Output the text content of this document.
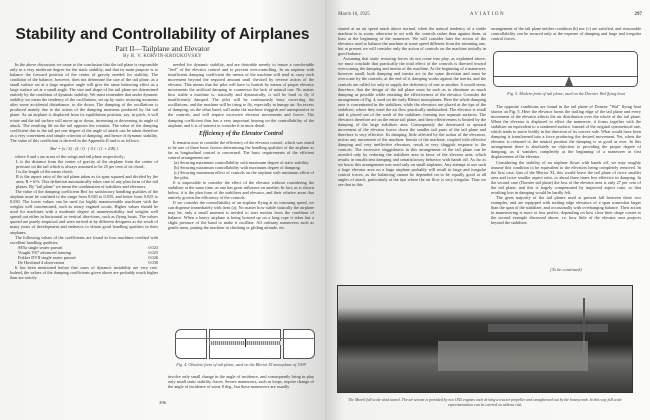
Stability and Controllability of Airplanes
Part II—Tailplane and Elevator
By B. V. KORVIN-KROUKOVSKY

In the above discussion we came to the conclusion that the tail plane is responsible only in a very moderate degree for the static stability, and that its main purpose is to balance the forward position of the center of gravity needed for stability. The condition of the balance, however, does not determine the size of the tail plane, as a small surface set at a large negative angle will give the same balancing effect as a large surface set at a small angle. The size and shape of the tail plane are determined entirely by the condition of dynamic stability. We must remember that under dynamic stability we mean the tendency of the oscillations, set up by static restoring moments after some accidental disturbance, to die down. The damping of the oscillations is produced mainly due to the action of the damping moments produced by the tail plane. As an airplane is displaced from its equilibrium position, say, in pitch, it will rotate and the tail surface will move up or down, increasing or decreasing its angle of attack. The resulting lift on the tail opposes the rotation. The value of the damping coefficient due to the tail per one degree of the angle of attack can be taken therefore as a very convenient and simple criterion of damping, and hence of dynamic stability. The value of this coefficient is derived in the Appendix II and is as follows:

Bm' = (s / S) · (L / l) · ( 0.1 / (1 + 2/R) )

where S and s are areas of the wings and tail plane respectively;

L is the distance from the center of gravity of the airplane from the center of pressure on the tail which is always assumed to be 25 per cent of its chord;
l is the length of the mean chord;
R is the aspect ratio of the tail plane taken as its span squared and divided by the area; R = b²/s. This definition automatically takes care of any plan form of the tail planes. By "tail plane" we mean the combination of stabilizer and elevators.

The value of the damping coefficient Bm' for satisfactory handling qualities of the airplane must be confined to the range from 0.020 to 0.035, and better from 0.025 to 0.030. The lower values can be used for highly maneuverable machines with the weights well concentrated, such as rotary engined scouts. Higher values should be used for machines with a moderate degree of maneuverability and weights well spread out either in horizontal or vertical directions, such as flying boats. The values quoted are purely empirical and were arrived at by different designers as the result of many years of development and endeavor to obtain good handling qualities in their airplanes.

The following values of the coefficients are found in four machines credited with excellent handling qualities:

SE5a single seater pursuit	0.023
Vought VE7 advanced training	0.025
Fokker DVII single seater pursuit	0.026
De Haviland 4 observation	0.030

It has been mentioned before that cases of dynamic instability are very rare. Indeed, the values of the damping coefficients given above are probably much higher than are strictly

needed for dynamic stability, and are desirable merely to insure a comfortable "feel" of the elevator control and to prevent overcontrolling. In an airplane with insufficient damping coefficient the inertia of the machine will tend to carry each movement beyond the required amount until checked by reverse action of the elevator. This means that the pilot will have to furnish by means of proper elevator movements the artificial damping to counteract the lack of natural one. No matter how stable a machine is, statically and dynamically, it will be hard to fly if insufficiently damped. The pilot will be continuously busy correcting the oscillations, and the machine will be tiring to fly, especially in bumpy air. An excess of damping, on the other hand, will make the machine sluggish and unresponsive to the controls, and will require excessive elevator movements and forces. The damping coefficient thus has a very important bearing on the controllability of the airplane, and it is of interest to consider it in more detail.

Efficiency of the Elevator Control

It remains now to consider the efficiency of the elevator control, which was stated to be one of three basic factors determining the handling qualities of the airplane as far as longitudinal control is concerned. The basic requirements of the efficient control arrangement are:

(a) Securing maximum controllability with maximum degree of static stability.
(b) Securing maximum controllability with maximum degree of damping.
(c) Securing maximum effect of controls on the airplane with minimum effort of the pilot.

It is impossible to consider the effect of the elevator without considering the stabilizer at the same time, as one has great influence on another. In fact, as is shown below, it is the plan form of the stabilizer and elevator, and their relative areas that entirely govern the efficiency of the controls.

If we consider the controllability of an airplane flying at its trimming speed, we can dispense immediately with item (a). No matter how stable statically the airplane may be, only a small moment is needed to start motion from the condition of balance. When a heavy airplane is being hoisted up on a long rope it takes but a slight pressure of the hand to make it oscillate. All ordinary maneuvers such as gentle turns, putting the machine in climbing or gliding attitude, etc.

Fig. 4. Obsolete form of tail plane, used on the Bleriot XI monoplane of 1909

involve only small change in the angle of incidence, and consequently bring in play only small static stability forces. Severe maneuvers, such as loops, require change of the angle of incidence of some 8 deg., but these maneuvers are usually

296
March 16, 1925	AVIATION	297

started at an air speed much above normal, when the natural tendency of a stable machine is to zoom, otherwise to act with the controls rather than against them, at least at the beginning of the maneuver. We will consider later the action of the elevators used to balance the machine at some speed different from the trimming one, but at present we will consider only the action of controls on the machine initially in good balance.

Assuming that static restoring forces do not come into play, as explained above, we must conclude that practically the total effect of the controls is directed toward overcoming the damping and inertia of the machine. At the beginning of a maneuver, however small, both damping and inertia act in the same direction and must be overcome by the controls; at the end of it, damping works against the inertia, and the controls are called for only to supply the deficiency of one or another. It would seem, therefore, that the design of the tail plane must be such as to eliminate as much damping as possible while retaining the effectiveness of the elevator. Consider the arrangement of Fig. 4, used on the early Bleriot monoplanes. Here the whole damping area is concentrated in the stabilizer, while the elevators are placed at the tips of the stabilizer, where they meet the air flow practically undisturbed. The elevator is small and is placed out of the wash of the stabilizer, forming two separate surfaces. The elevators therefore act on the entire tail plane, and their effectiveness is limited by the damping of the large stabilizer area. Consequently the downward or upward movement of the elevator forces down the smaller tail parts of the tail plane and therefore is very effective. Its damping, little affected by the action of the elevators, resists any movement of the machine. Inertia of the machine, coupled with effective damping and very ineffective elevators, result in very sluggish response to the controls. The excessive sluggishness in this arrangement of the tail plane can be avoided only by reducing the stabilizer area in favor of the elevator area, which results in insufficient damping and unsatisfactory behavior with hands off. As far as we know this arrangement was used only on small airplanes. Any attempt to use such a large elevator area on a large airplane probably will result in large and irregular control forces, as the balancing cannot be depended on to be equally good at all angles of attack, particularly at the tips where the air flow is very irregular. Thus we see that in this

arrangement of the tail plane neither condition (b) nor (c) are satisfied, and reasonable controllability can be secured only at the expense of damping and large and irregular control forces.

Fig. 5. Modern form of tail plane, used on the Dornier Wal flying boat

The opposite conditions are found in the tail plane of Dornier "Wal" flying boat shown on Fig. 5. Here the elevator forms the trailing edge of the tail plane and every movement of the elevator affects the air distribution over the whole of the tail plane. When the elevator is displaced to effect the maneuver, it forms together with the stabilizer an equivalent to a cambered surface, instead of the original symmetrical one, which tends to move bodily in the direction of its convex side. What would have been damping is transformed into a force producing the desired movement. Yet, when the elevator is returned to the neutral position the damping is as good as ever. In this arrangement there is absolutely no objection to providing the proper degree of damping, as it vanishes completely at the beginning of a maneuver at first displacement of the elevator.

Considering the stability of an airplane flown with hands off, we may roughly assume this condition to be equivalent to the elevators being completely removed. In the first case, that of the Bleriot XI, this would leave the tail plane of twice smaller area and twice smaller aspect ratio, or about three times less effective in damping. In the second case (Dornier tail plane) the loss of the elevator area is only 27 per cent of the tail plane, and this is largely compensated by improved aspect ratio, so that resulting loss in damping would be hardly felt.

The great majority of the tail planes used at present fall between these two examples, and are equipped with trailing edge elevators of a span somewhat larger than the span of the stabilizer, and occasionally with overhanging balance. Their action in maneuvering is more or less perfect, depending on how close their shape comes to the second example discussed above, i.e. how little of the elevator area projects beyond the stabilizer.

(To be continued)
The Morell full scale wind tunnel. The air stream is provided by two OX5 engines each driving a tractor propeller and straightened out by the honeycomb. In this way full scale experimentation can be carried on without risk.
